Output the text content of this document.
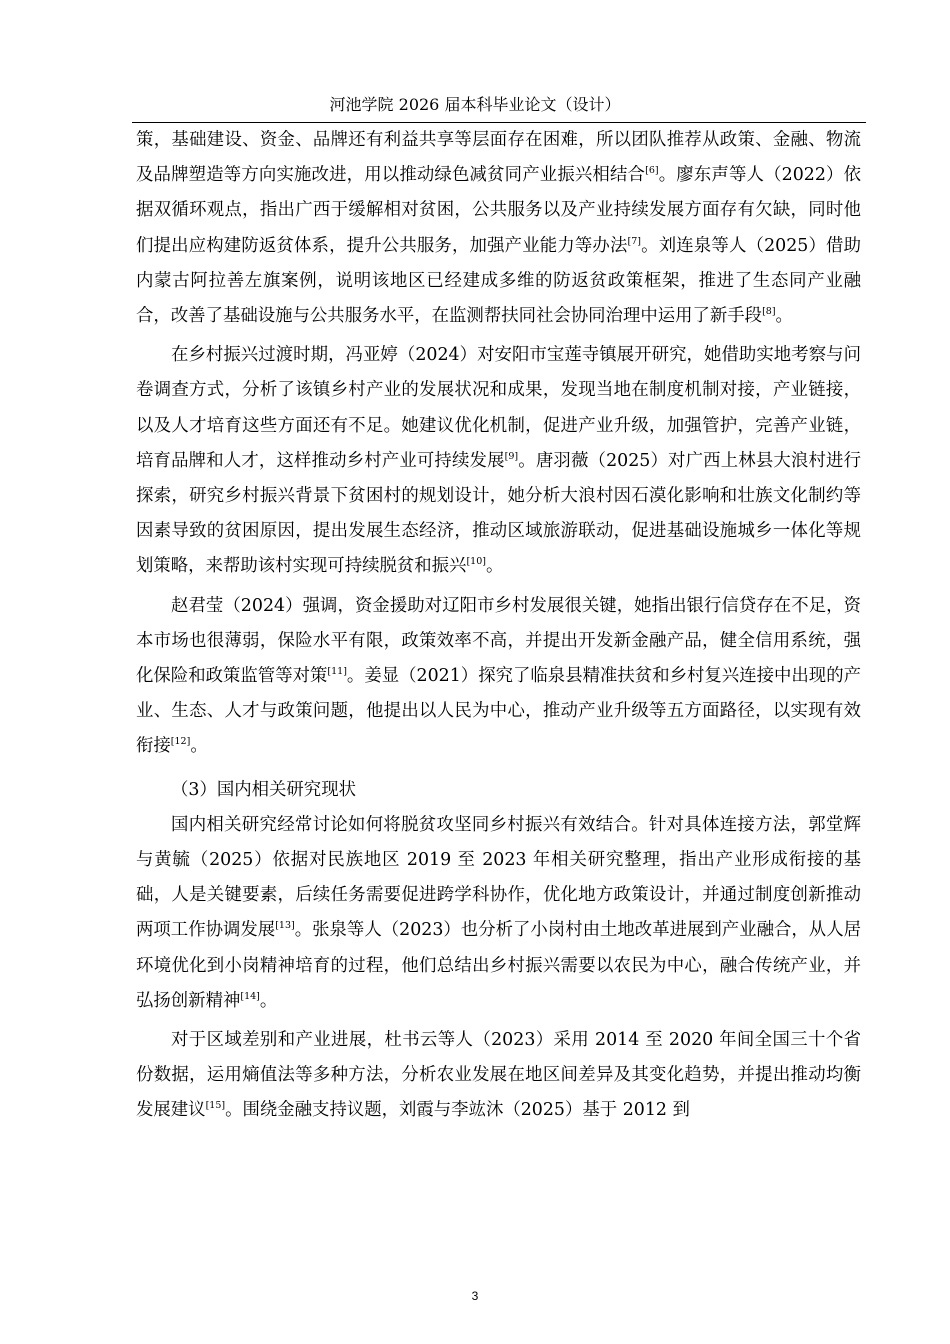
河池学院 2026 届本科毕业论文（设计）

策，基础建设、资金、品牌还有利益共享等层面存在困难，所以团队推荐从政策、金融、物流及品牌塑造等方向实施改进，用以推动绿色减贫同产业振兴相结合[6]。廖东声等人（2022）依据双循环观点，指出广西于缓解相对贫困，公共服务以及产业持续发展方面存有欠缺，同时他们提出应构建防返贫体系，提升公共服务，加强产业能力等办法[7]。刘连泉等人（2025）借助内蒙古阿拉善左旗案例，说明该地区已经建成多维的防返贫政策框架，推进了生态同产业融合，改善了基础设施与公共服务水平，在监测帮扶同社会协同治理中运用了新手段[8]。

在乡村振兴过渡时期，冯亚婷（2024）对安阳市宝莲寺镇展开研究，她借助实地考察与问卷调查方式，分析了该镇乡村产业的发展状况和成果，发现当地在制度机制对接，产业链接，以及人才培育这些方面还有不足。她建议优化机制，促进产业升级，加强管护，完善产业链，培育品牌和人才，这样推动乡村产业可持续发展[9]。唐羽薇（2025）对广西上林县大浪村进行探索，研究乡村振兴背景下贫困村的规划设计，她分析大浪村因石漠化影响和壮族文化制约等因素导致的贫困原因，提出发展生态经济，推动区域旅游联动，促进基础设施城乡一体化等规划策略，来帮助该村实现可持续脱贫和振兴[10]。

赵君莹（2024）强调，资金援助对辽阳市乡村发展很关键，她指出银行信贷存在不足，资本市场也很薄弱，保险水平有限，政策效率不高，并提出开发新金融产品，健全信用系统，强化保险和政策监管等对策[11]。姜显（2021）探究了临泉县精准扶贫和乡村复兴连接中出现的产业、生态、人才与政策问题，他提出以人民为中心，推动产业升级等五方面路径，以实现有效衔接[12]。

（3）国内相关研究现状

国内相关研究经常讨论如何将脱贫攻坚同乡村振兴有效结合。针对具体连接方法，郭堂辉与黄毓（2025）依据对民族地区 2019 至 2023 年相关研究整理，指出产业形成衔接的基础，人是关键要素，后续任务需要促进跨学科协作，优化地方政策设计，并通过制度创新推动两项工作协调发展[13]。张泉等人（2023）也分析了小岗村由土地改革进展到产业融合，从人居环境优化到小岗精神培育的过程，他们总结出乡村振兴需要以农民为中心，融合传统产业，并弘扬创新精神[14]。

对于区域差别和产业进展，杜书云等人（2023）采用 2014 至 2020 年间全国三十个省份数据，运用熵值法等多种方法，分析农业发展在地区间差异及其变化趋势，并提出推动均衡发展建议[15]。围绕金融支持议题，刘霞与李竑沐（2025）基于 2012 到

3
